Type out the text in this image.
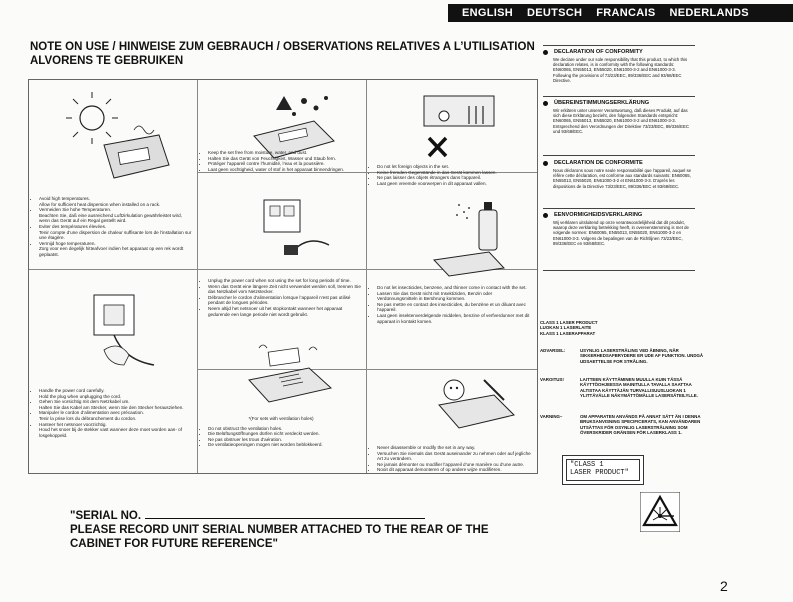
ENGLISH DEUTSCH FRANCAIS NEDERLANDS
NOTE ON USE / HINWEISE ZUM GEBRAUCH / OBSERVATIONS RELATIVES A L’UTILISATION
ALVORENS TE GEBRUIKEN
• Avoid high temperatures.
Allow for sufficient heat dispersion when installed on a rack.
• Vermeiden Sie hohe Temperaturen.
Beachten Sie, daß eine ausreichend Luftzirkulation gewährleistet wird, wenn das Gerät auf ein Regal gestellt wird.
• Eviter des températures élevées.
Tenir compte d’une dispersion de chaleur suffisante lors de l’installation sur une étagère.
• Vermijd hoge temperaturen.
Zorg voor een degelijk hitteafvoer indien het apparaat op een rek wordt geplaatst.
• Keep the set free from moisture, water, and dust.
• Halten Sie das Gerät von Feuchtigkeit, Wasser und Staub fern.
• Protéger l’appareil contre l’humidité, l’eau et la poussière.
• Laat geen vochtigheid, water of stof in het apparaat binnendringen.
• Do not let foreign objects in the set.
• Keine fremden Gegenstände in das Gerät kommen lassen.
• Ne pas laisser des objets étrangers dans l’appareil.
• Laat geen vreemde voorwerpen in dit apparaat vallen.
• Handle the power cord carefully.
Hold the plug when unplugging the cord.
• Gehen Sie vorsichtig mit dem Netzkabel um.
Halten Sie das Kabel am Stecker, wenn Sie den Stecker herausziehen.
• Manipuler le cordon d’alimentation avec précaution.
Tenir la prise lors du débranchement du cordon.
• Hanteer het netsnoer voorzichtig.
Houd het snoer bij de stekker vast wanneer deze moet worden aan- of losgekoppeld.
• Unplug the power cord when not using the set for long periods of time.
• Wenn das Gerät eine längere Zeit nicht verwendet werden soll, trennen Sie das Netzkabel vom Netzstecker.
• Débrancher le cordon d’alimentation lorsque l’appareil n’est pas utilisé pendant de longues périodes.
• Neem altijd het netsnoer uit het stopkontakt wanneer het apparaat gedurende een lange periode niet wordt gebruikt.
• Do not let insecticides, benzene, and thinner come in contact with the set.
• Lassen Sie das Gerät nicht mit Insektiziden, Benzin oder Verdünnungsmitteln in Berührung kommen.
• Ne pas mettre en contact des insecticides, du benzène et un diluant avec l’appareil.
• Laat geen insektenverdelgende middelen, benzine of verfverdunner met dit apparaat in kontakt komen.
*(For sets with ventilation holes)
• Do not obstruct the ventilation holes.
• Die Belüftungsöffnungen dürfen nicht verdeckt werden.
• Ne pas obstruer les trous d’aération.
• De ventilatieopeningen mogen niet worden beblokkeerd.
• Never disassemble or modify the set in any way.
• Versuchen Sie niemals das Gerät auseinander zu nehmen oder auf jegliche Art zu verändern.
• Ne jamais démonter ou modifier l’appareil d’une manière ou d’une autre.
• Nooit dit apparaat demonteren of op andere wijze modifiëren.
DECLARATION OF CONFORMITY
We declare under our sole responsibility that this product, to which this declaration relates, is in conformity with the following standards: EN60065, EN55013, EN55020, EN61000-3-2 and EN61000-3-3. Following the provisions of 73/23/EEC, 89/336/EEC and 93/68/EEC Directive.
ÜBEREINSTIMMUNGSERKLÄRUNG
Wir erklären unter unserer Verantwortung, daß dieses Produkt, auf das sich diese Erklärung bezieht, den folgenden Standards entspricht: EN60065, EN55013, EN55020, EN61000-3-2 und EN61000-3-3. Entsprechend den Verordnungen der Direktive 73/23/EEC, 89/336/EEC und 93/68/EEC.
DECLARATION DE CONFORMITE
Nous déclarons sous notre seule responsabilité que l’appareil, auquel se réfère cette déclaration, est conforme aux standards suivants: EN60065, EN55013, EN55020, EN61000-3-2 et EN61000-3-3. D’après les dispositions de la Directive 73/23/EEC, 89/336/EEC et 93/68/EEC.
EENVORMIGHEIDSVERKLARING
Wij verklaren uitsluitend op onze verantwoordelijkheid dat dit produkt, waarop deze verklaring betrekking heeft, in overeenstemming is met de volgende normen: EN60065, EN55013, EN55020, EN61000-3-2 en EN61000-3-3. Volgens de bepalingen van de Richtlijnen 73/23/EEC, 89/336/EEC en 93/68/EEC.
CLASS 1 LASER PRODUCT
LUOKAN 1 LASERLAITE
KLASS 1 LASERAPPARAT
ADVARSEL:	USYNLIG LASERSTRÅLING VED ÅBNING, NÅR SIKKERHEDSAFBRYDERE ER UDE AF FUNKTION. UNDGÅ UDSAETTELSE FOR STRÅLING.
VAROITUS!	LAITTEEN KÄYTTÄMINEN MUULLA KUIN TÄSSÄ KÄYTTÖOHJEESSA MAINITULLA TAVALLA SAATTAA ALTISTAA KÄYTTÄJÄN TURVALLISUUSLUOKAN 1 YLITTÄVÄLLE NÄKYMÄTTÖMÄLLE LASERSÄTEILYLLE.
VARNING–	OM APPARATEN ANVÄNDS PÅ ANNAT SÄTT ÄN I DENNA BRUKSANVISNING SPECIFICERATS, KAN ANVÄNDAREN UTSÄTTAS FÖR OSYNLIG LASERSTRÅLNING SOM ÖVERSKRIDER GRÄNSEN FÖR LASERKLASS 1.
"CLASS 1
LASER PRODUCT"
"SERIAL NO.
PLEASE RECORD UNIT SERIAL NUMBER ATTACHED TO THE REAR OF THE
CABINET FOR FUTURE REFERENCE"
2
